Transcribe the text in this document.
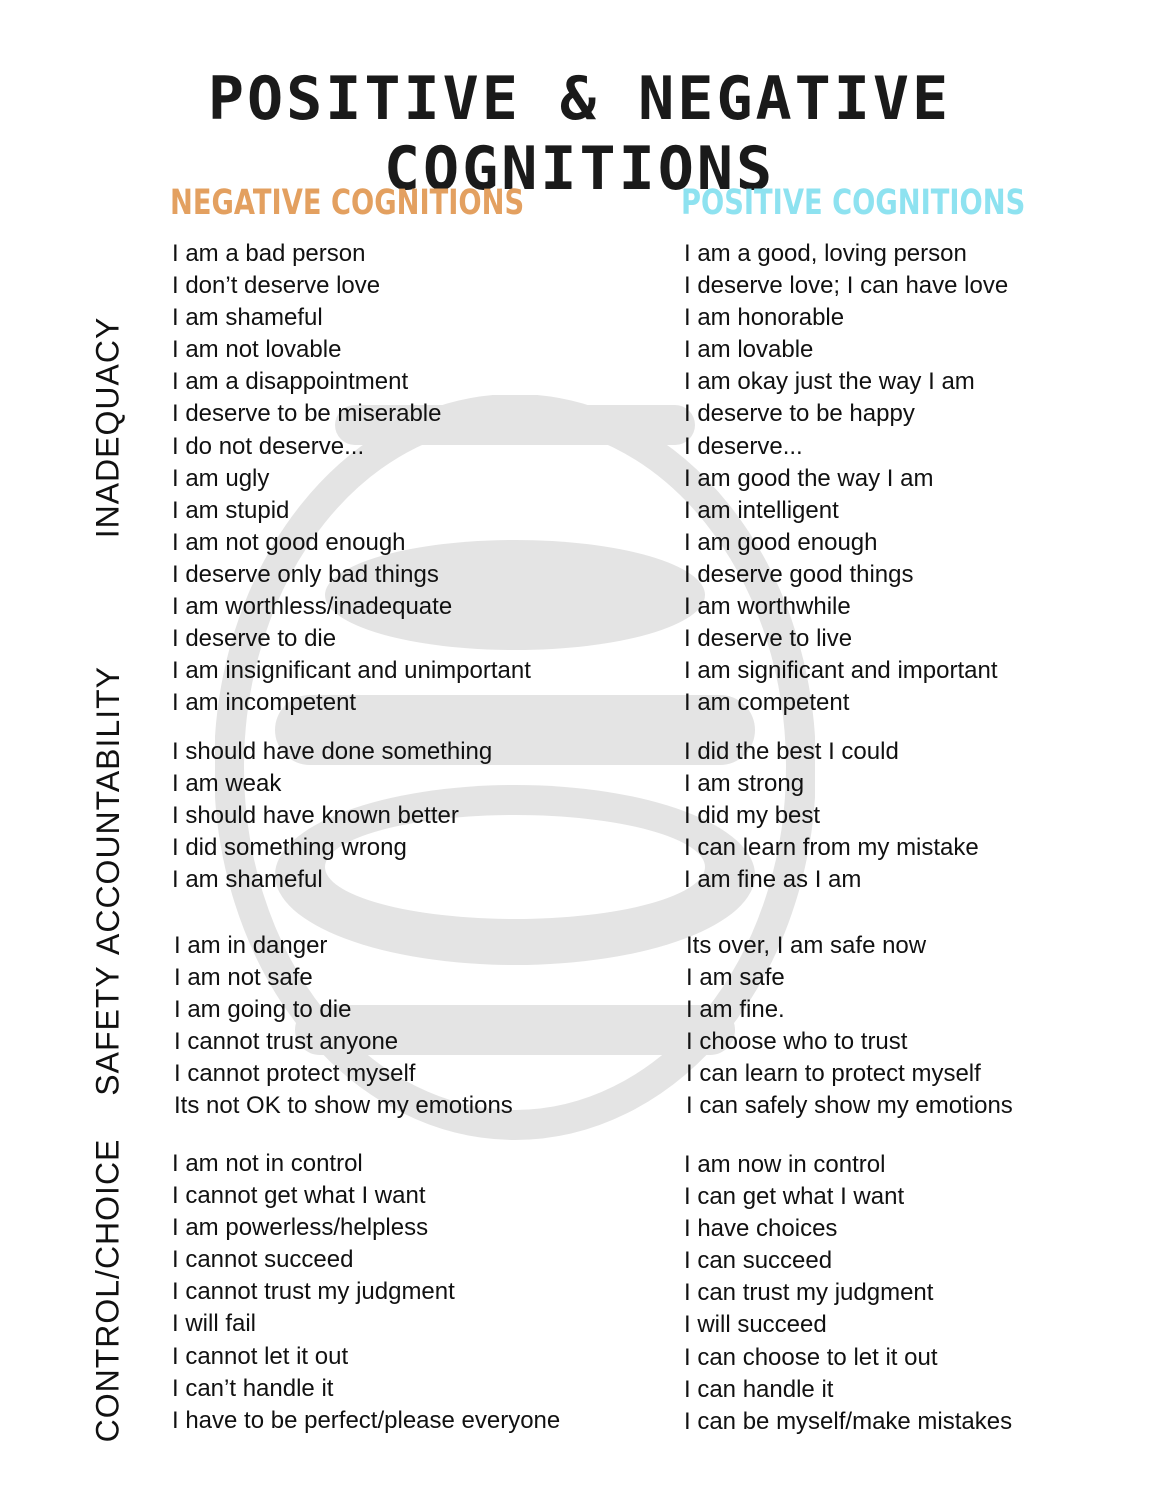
POSITIVE & NEGATIVE COGNITIONS
NEGATIVE COGNITIONS	POSITIVE COGNITIONS
INADEQUACY
ACCOUNTABILITY
SAFETY
CONTROL/CHOICE
I am a bad person
I don’t deserve love
I am shameful
I am not lovable
I am a disappointment
I deserve to be miserable
I do not deserve...
I am ugly
I am stupid
I am not good enough
I deserve only bad things
I am worthless/inadequate
I deserve to die
I am insignificant and unimportant
I am incompetent
I am a good, loving person
I deserve love; I can have love
I am honorable
I am lovable
I am okay just the way I am
I deserve to be happy
I deserve...
I am good the way I am
I am intelligent
I am good enough
I deserve good things
I am worthwhile
I deserve to live
I am significant and important
I am competent
I should have done something
I am weak
I should have known better
I did something wrong
I am shameful
I did the best I could
I am strong
I did my best
I can learn from my mistake
I am fine as I am
I am in danger
I am not safe
I am going to die
I cannot trust anyone
I cannot protect myself
Its not OK to show my emotions
Its over, I am safe now
I am safe
I am fine.
I choose who to trust
I can learn to protect myself
I can safely show my emotions
I am not in control
I cannot get what I want
I am powerless/helpless
I cannot succeed
I cannot trust my judgment
I will fail
I cannot let it out
I can’t handle it
I have to be perfect/please everyone
I am now in control
I can get what I want
I have choices
I can succeed
I can trust my judgment
I will succeed
I can choose to let it out
I can handle it
I can be myself/make mistakes
